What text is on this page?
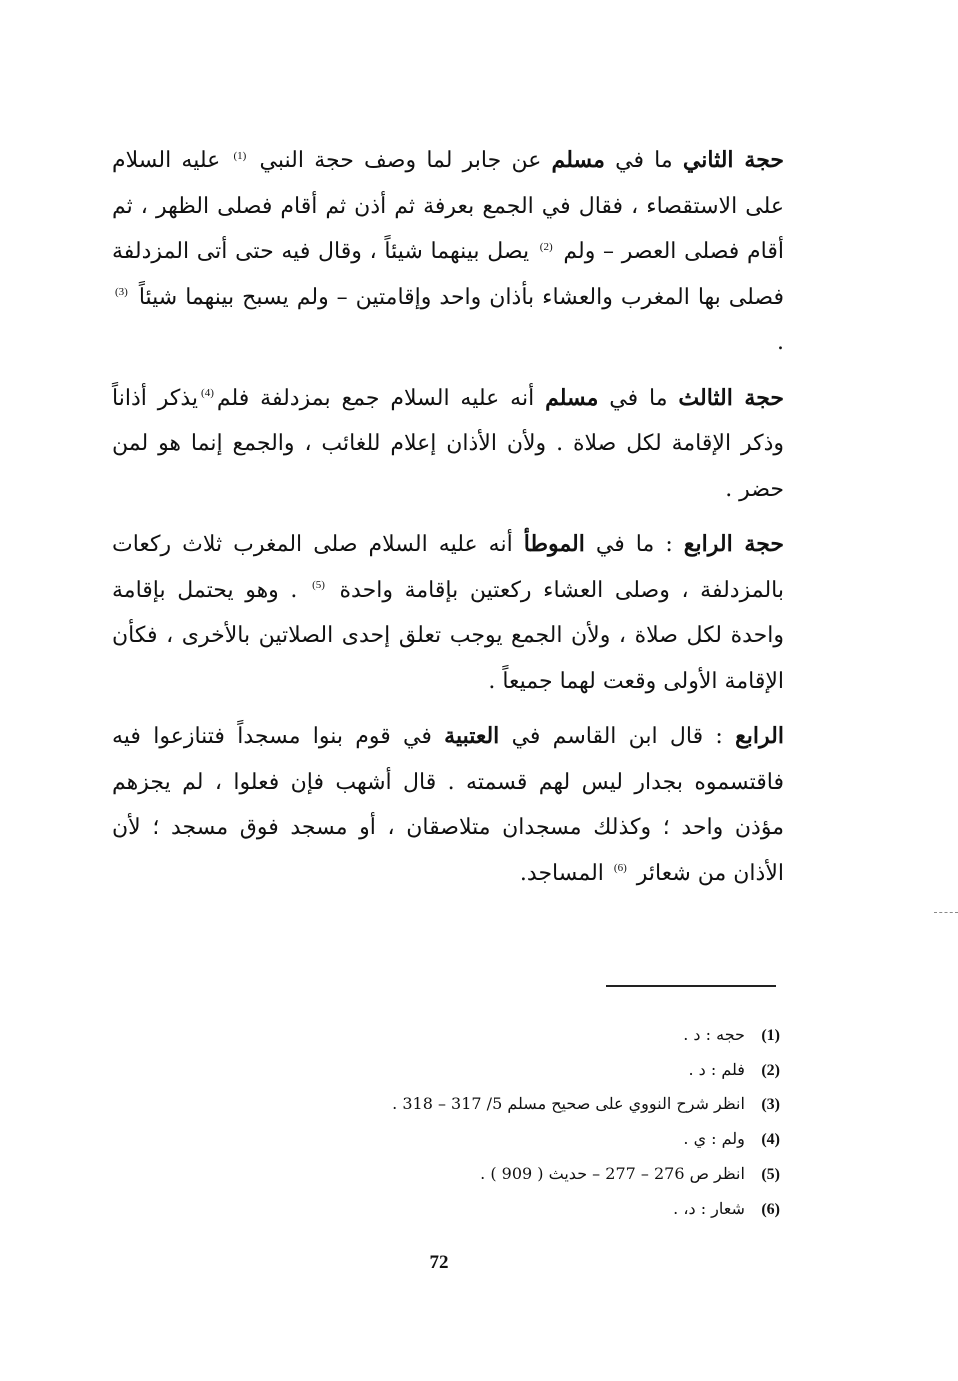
حجة الثاني ما في مسلم عن جابر لما وصف حجة النبي $^{(1)}$ عليه السلام على الاستقصاء ، فقال في الجمع بعرفة ثم أذن ثم أقام فصلى الظهر ، ثم أقام فصلى العصر – ولم $^{(2)}$ يصل بينهما شيئاً ، وقال فيه حتى أتى المزدلفة فصلى بها المغرب والعشاء بأذان واحد وإقامتين – ولم يسبح بينهما شيئاً $^{(3)}$ .

حجة الثالث ما في مسلم أنه عليه السلام جمع بمزدلفة فلم$^{(4)}$يذكر أذاناً وذكر الإقامة لكل صلاة . ولأن الأذان إعلام للغائب ، والجمع إنما هو لمن حضر .

حجة الرابع : ما في الموطأ أنه عليه السلام صلى المغرب ثلاث ركعات بالمزدلفة ، وصلى العشاء ركعتين بإقامة واحدة $^{(5)}$ . وهو يحتمل بإقامة واحدة لكل صلاة ، ولأن الجمع يوجب تعلق إحدى الصلاتين بالأخرى ، فكأن الإقامة الأولى وقعت لهما جميعاً .

الرابع : قال ابن القاسم في العتبية في قوم بنوا مسجداً فتنازعوا فيه فاقتسموه بجدار ليس لهم قسمته . قال أشهب فإن فعلوا ، لم يجزهم مؤذن واحد ؛ وكذلك مسجدان متلاصقان ، أو مسجد فوق مسجد ؛ لأن الأذان من شعائر $^{(6)}$ المساجد.

(1) حجه : د .
(2) فلم : د .
(3) انظر شرح النووي على صحيح مسلم 5/ 317 – 318 .
(4) ولم : ي .
(5) انظر ص 276 – 277 – حديث ( 909 ) .
(6) شعار : د، .
72
